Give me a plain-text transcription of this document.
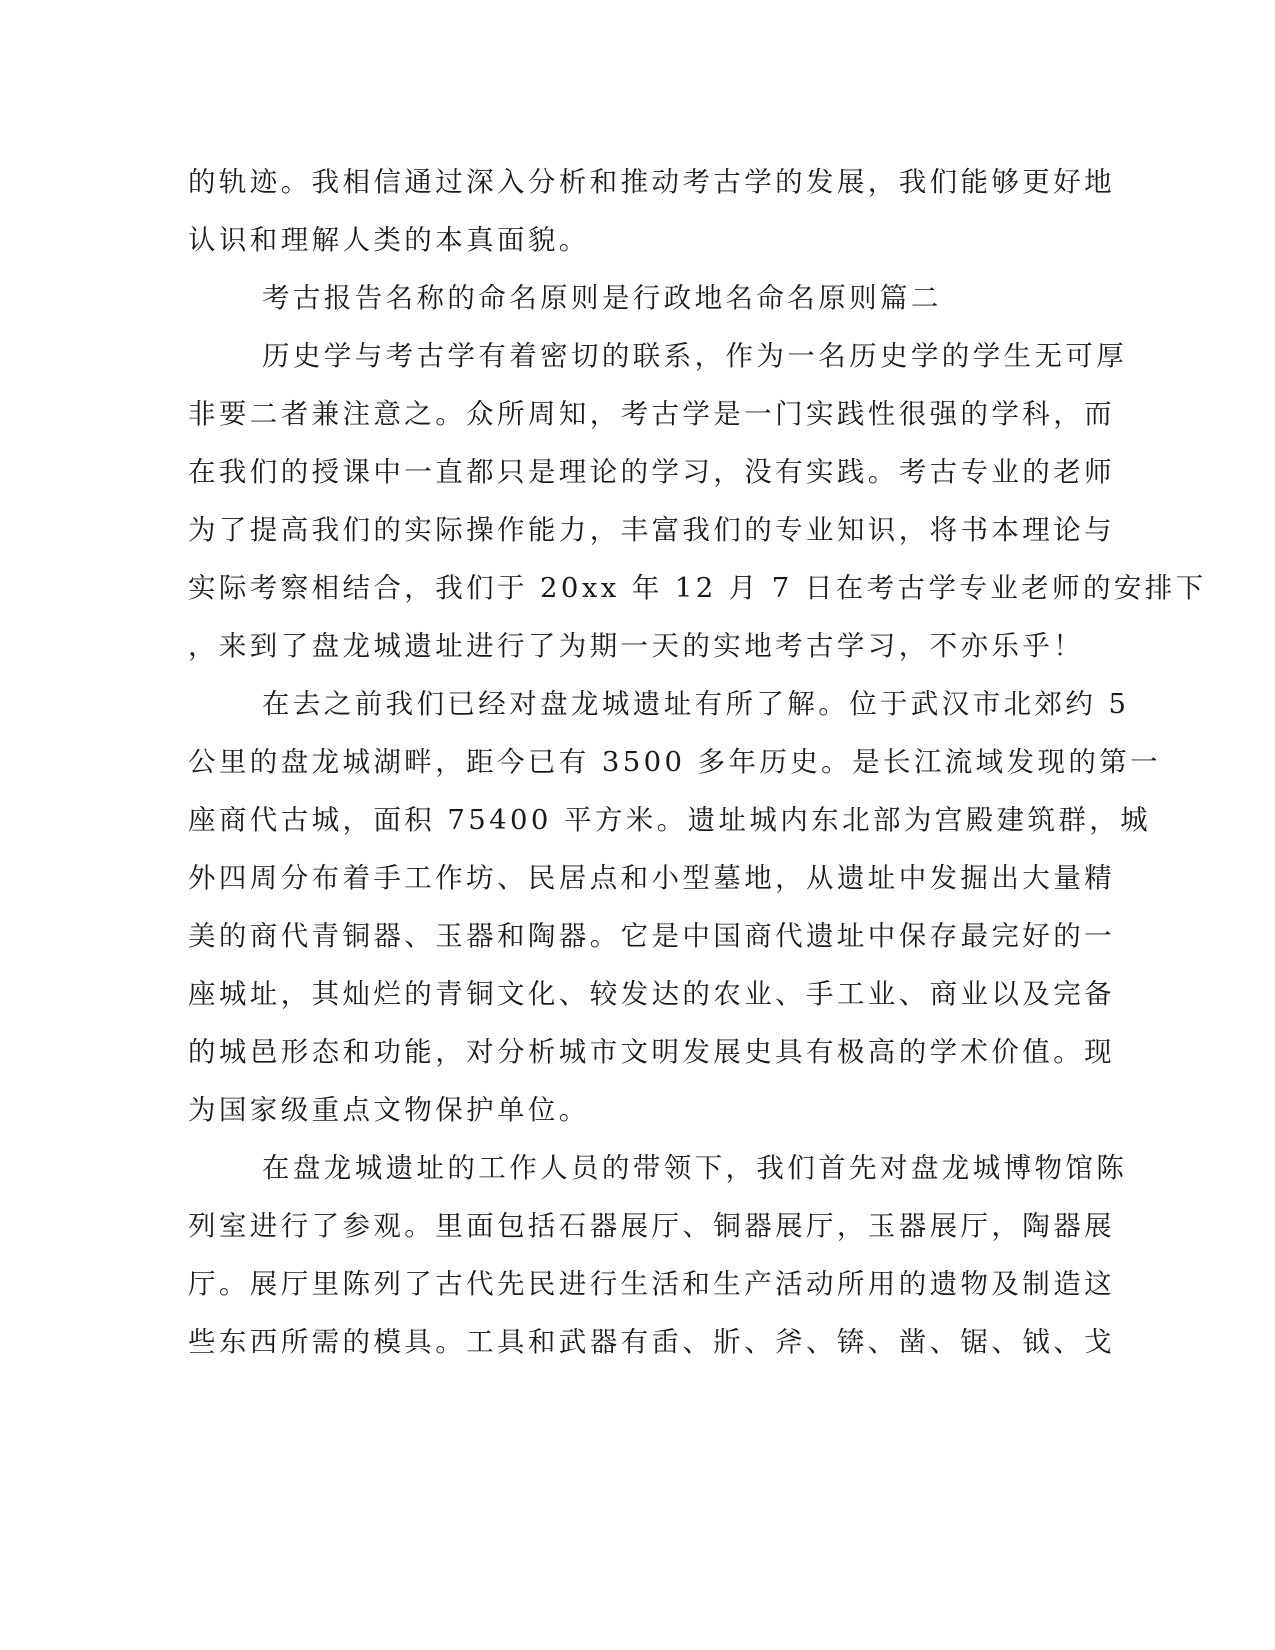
的轨迹。我相信通过深入分析和推动考古学的发展，我们能够更好地
认识和理解人类的本真面貌。
考古报告名称的命名原则是行政地名命名原则篇二
历史学与考古学有着密切的联系，作为一名历史学的学生无可厚
非要二者兼注意之。众所周知，考古学是一门实践性很强的学科，而
在我们的授课中一直都只是理论的学习，没有实践。考古专业的老师
为了提高我们的实际操作能力，丰富我们的专业知识，将书本理论与
实际考察相结合，我们于 20xx 年 12 月 7 日在考古学专业老师的安排下
，来到了盘龙城遗址进行了为期一天的实地考古学习，不亦乐乎！
在去之前我们已经对盘龙城遗址有所了解。位于武汉市北郊约 5
公里的盘龙城湖畔，距今已有 3500 多年历史。是长江流域发现的第一
座商代古城，面积 75400 平方米。遗址城内东北部为宫殿建筑群，城
外四周分布着手工作坊、民居点和小型墓地，从遗址中发掘出大量精
美的商代青铜器、玉器和陶器。它是中国商代遗址中保存最完好的一
座城址，其灿烂的青铜文化、较发达的农业、手工业、商业以及完备
的城邑形态和功能，对分析城市文明发展史具有极高的学术价值。现
为国家级重点文物保护单位。
在盘龙城遗址的工作人员的带领下，我们首先对盘龙城博物馆陈
列室进行了参观。里面包括石器展厅、铜器展厅，玉器展厅，陶器展
厅。展厅里陈列了古代先民进行生活和生产活动所用的遗物及制造这
些东西所需的模具。工具和武器有臿、斨、斧、锛、凿、锯、钺、戈
